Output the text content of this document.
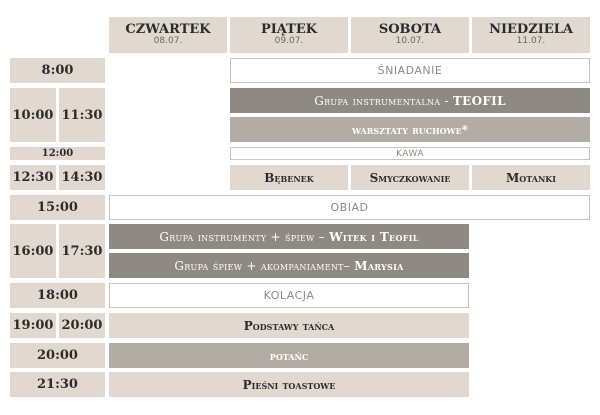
CZWARTEK
08.07.
PIĄTEK
09.07.
SOBOTA
10.07.
NIEDZIELA
11.07.
8:00
10:00 11:30
12:00
12:30 14:30
15:00
16:00 17:30
18:00
19:00 20:00
20:00
21:30
ŚNIADANIE
Grupa instrumentalna - TEOFIL
warsztaty ruchowe*
KAWA
Bębenek	Smyczkowanie	Motanki
OBIAD
Grupa instrumenty + śpiew – Witek i Teofil
Grupa śpiew + akompaniament– Marysia
KOLACJA
Podstawy tańca
potańc
Pieśni toastowe
